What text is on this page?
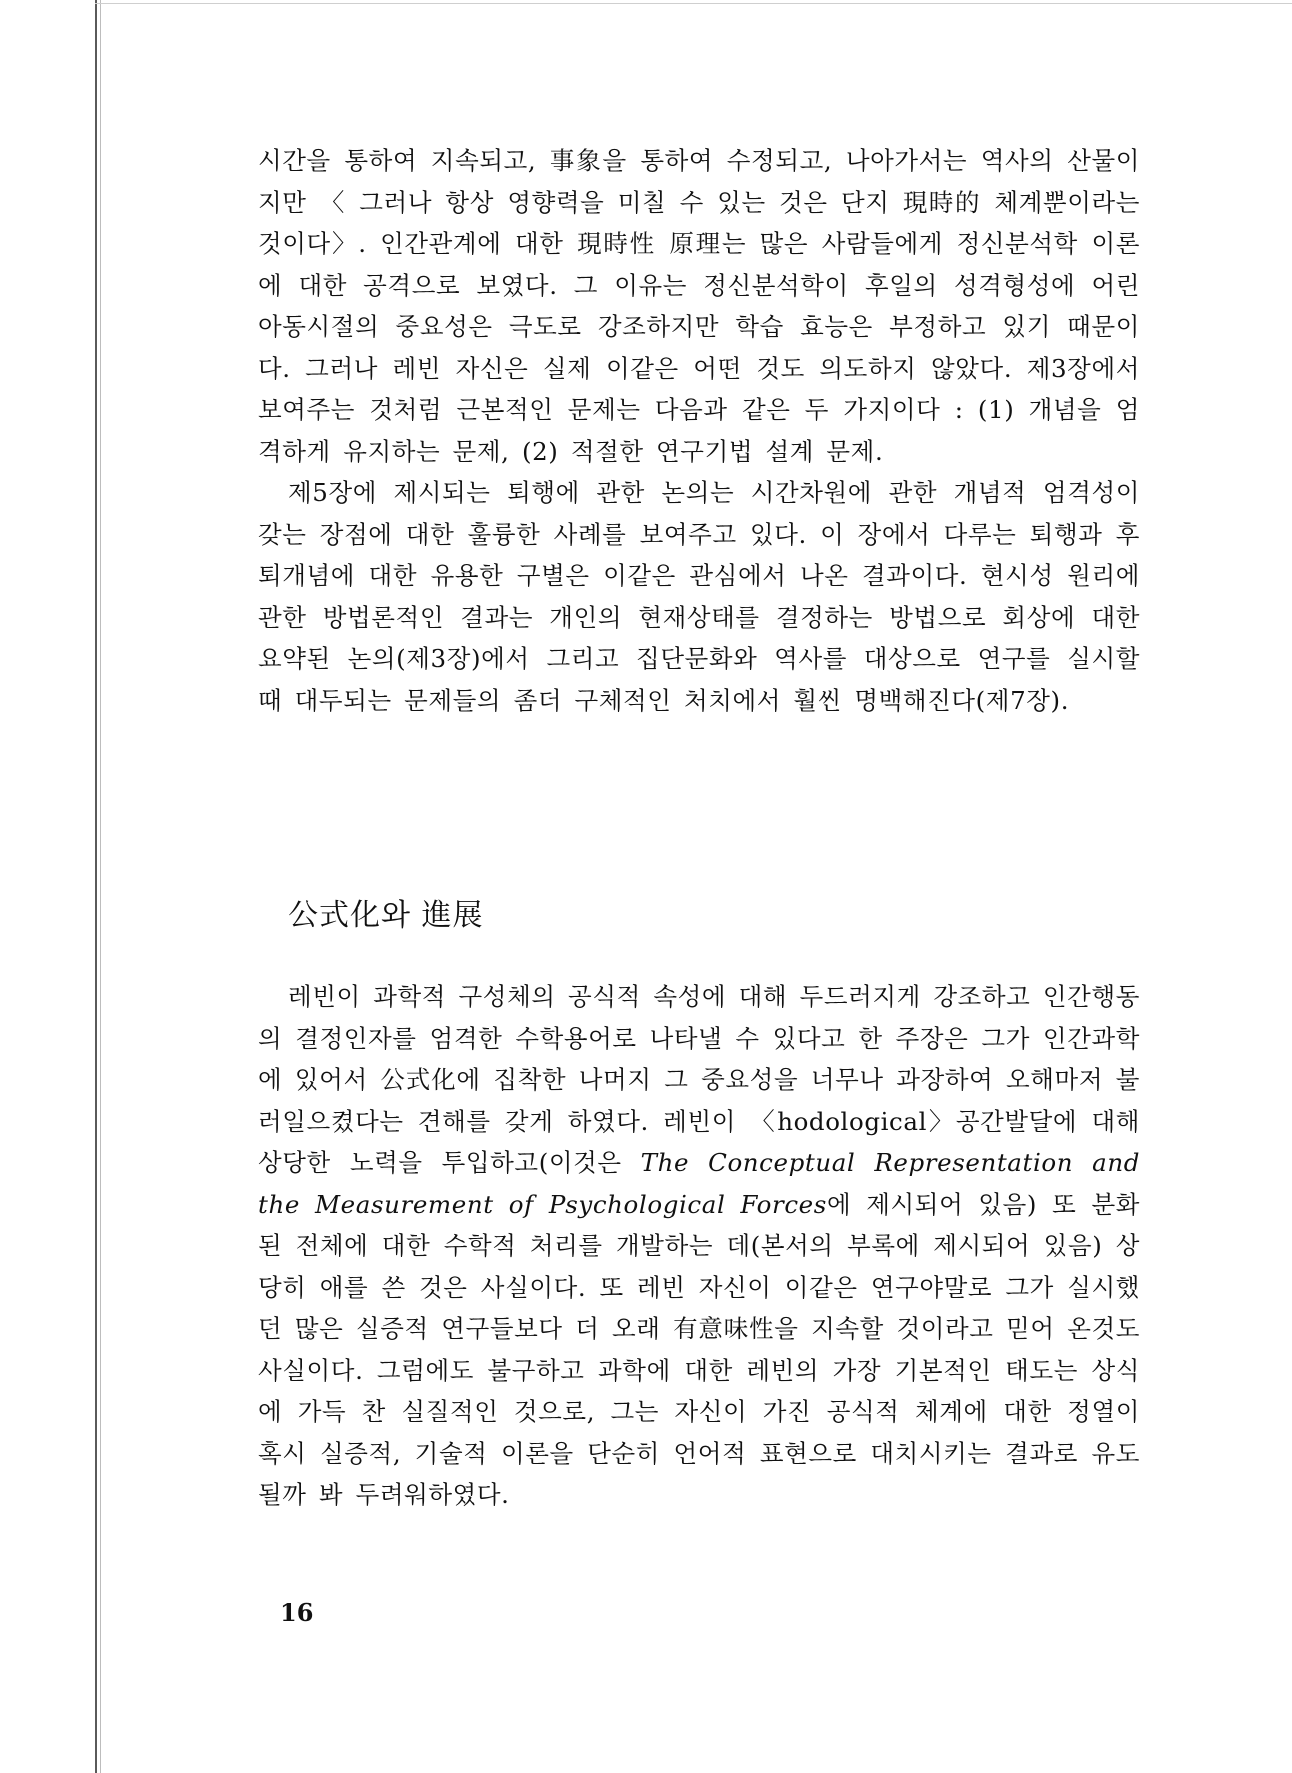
시간을 통하여 지속되고, 事象을 통하여 수정되고, 나아가서는 역사의 산물이지만 〈 그러나 항상 영향력을 미칠 수 있는 것은 단지 現時的 체계뿐이라는 것이다〉. 인간관계에 대한 現時性 原理는 많은 사람들에게 정신분석학 이론에 대한 공격으로 보였다. 그 이유는 정신분석학이 후일의 성격형성에 어린 아동시절의 중요성은 극도로 강조하지만 학습 효능은 부정하고 있기 때문이다. 그러나 레빈 자신은 실제 이같은 어떤 것도 의도하지 않았다. 제3장에서 보여주는 것처럼 근본적인 문제는 다음과 같은 두 가지이다 : (1) 개념을 엄격하게 유지하는 문제, (2) 적절한 연구기법 설계 문제.

제5장에 제시되는 퇴행에 관한 논의는 시간차원에 관한 개념적 엄격성이 갖는 장점에 대한 훌륭한 사례를 보여주고 있다. 이 장에서 다루는 퇴행과 후퇴개념에 대한 유용한 구별은 이같은 관심에서 나온 결과이다. 현시성 원리에 관한 방법론적인 결과는 개인의 현재상태를 결정하는 방법으로 회상에 대한 요약된 논의(제3장)에서 그리고 집단문화와 역사를 대상으로 연구를 실시할 때 대두되는 문제들의 좀더 구체적인 처치에서 훨씬 명백해진다(제7장).

公式化와 進展

레빈이 과학적 구성체의 공식적 속성에 대해 두드러지게 강조하고 인간행동의 결정인자를 엄격한 수학용어로 나타낼 수 있다고 한 주장은 그가 인간과학에 있어서 公式化에 집착한 나머지 그 중요성을 너무나 과장하여 오해마저 불러일으켰다는 견해를 갖게 하였다. 레빈이 〈hodological〉공간발달에 대해 상당한 노력을 투입하고(이것은 The Conceptual Representation and the Measurement of Psychological Forces에 제시되어 있음) 또 분화된 전체에 대한 수학적 처리를 개발하는 데(본서의 부록에 제시되어 있음) 상당히 애를 쓴 것은 사실이다. 또 레빈 자신이 이같은 연구야말로 그가 실시했던 많은 실증적 연구들보다 더 오래 有意味性을 지속할 것이라고 믿어 온것도 사실이다. 그럼에도 불구하고 과학에 대한 레빈의 가장 기본적인 태도는 상식에 가득 찬 실질적인 것으로, 그는 자신이 가진 공식적 체계에 대한 정열이 혹시 실증적, 기술적 이론을 단순히 언어적 표현으로 대치시키는 결과로 유도될까 봐 두려워하였다.

16
